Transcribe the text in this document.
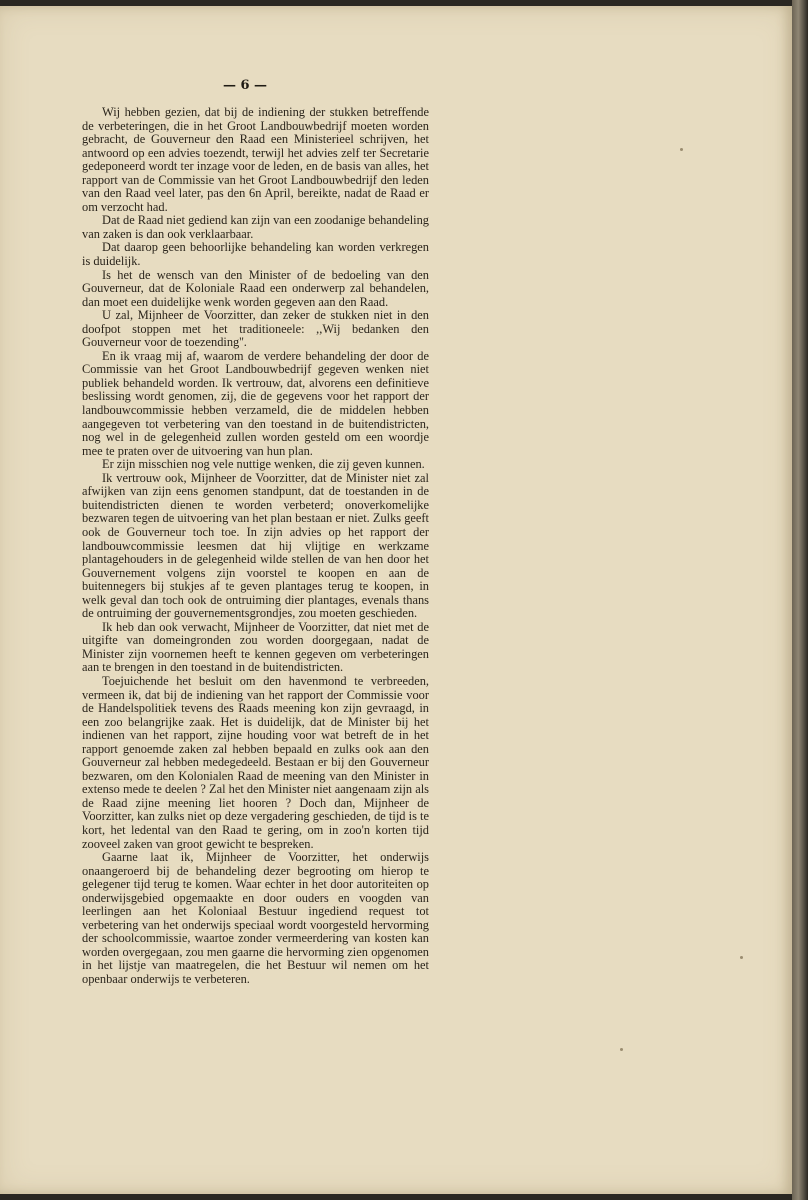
— 6 —

Wij hebben gezien, dat bij de indiening der stukken betreffende de verbeteringen, die in het Groot Landbouwbedrijf moeten worden gebracht, de Gouverneur den Raad een Ministerieel schrijven, het antwoord op een advies toezendt, terwijl het advies zelf ter Secretarie gedeponeerd wordt ter inzage voor de leden, en de basis van alles, het rapport van de Commissie van het Groot Landbouwbedrijf den leden van den Raad veel later, pas den 6n April, bereikte, nadat de Raad er om verzocht had.

Dat de Raad niet gediend kan zijn van een zoodanige behandeling van zaken is dan ook verklaarbaar.

Dat daarop geen behoorlijke behandeling kan worden verkregen is duidelijk.

Is het de wensch van den Minister of de bedoeling van den Gouverneur, dat de Koloniale Raad een onderwerp zal behandelen, dan moet een duidelijke wenk worden gegeven aan den Raad.

U zal, Mijnheer de Voorzitter, dan zeker de stukken niet in den doofpot stoppen met het traditioneele: ,,Wij bedanken den Gouverneur voor de toezending''.

En ik vraag mij af, waarom de verdere behandeling der door de Commissie van het Groot Landbouwbedrijf gegeven wenken niet publiek behandeld worden. Ik vertrouw, dat, alvorens een definitieve beslissing wordt genomen, zij, die de gegevens voor het rapport der landbouwcommissie hebben verzameld, die de middelen hebben aangegeven tot verbetering van den toestand in de buitendistricten, nog wel in de gelegenheid zullen worden gesteld om een woordje mee te praten over de uitvoering van hun plan.

Er zijn misschien nog vele nuttige wenken, die zij geven kunnen.

Ik vertrouw ook, Mijnheer de Voorzitter, dat de Minister niet zal afwijken van zijn eens genomen standpunt, dat de toestanden in de buitendistricten dienen te worden verbeterd; onoverkomelijke bezwaren tegen de uitvoering van het plan bestaan er niet. Zulks geeft ook de Gouverneur toch toe. In zijn advies op het rapport der landbouwcommissie leesmen dat hij vlijtige en werkzame plantagehouders in de gelegenheid wilde stellen de van hen door het Gouvernement volgens zijn voorstel te koopen en aan de buitennegers bij stukjes af te geven plantages terug te koopen, in welk geval dan toch ook de ontruiming dier plantages, evenals thans de ontruiming der gouvernementsgrondjes, zou moeten geschieden.

Ik heb dan ook verwacht, Mijnheer de Voorzitter, dat niet met de uitgifte van domeingronden zou worden doorgegaan, nadat de Minister zijn voornemen heeft te kennen gegeven om verbeteringen aan te brengen in den toestand in de buitendistricten.

Toejuichende het besluit om den havenmond te verbreeden, vermeen ik, dat bij de indiening van het rapport der Commissie voor de Handelspolitiek tevens des Raads meening kon zijn gevraagd, in een zoo belangrijke zaak. Het is duidelijk, dat de Minister bij het indienen van het rapport, zijne houding voor wat betreft de in het rapport genoemde zaken zal hebben bepaald en zulks ook aan den Gouverneur zal hebben medegedeeld. Bestaan er bij den Gouverneur bezwaren, om den Kolonialen Raad de meening van den Minister in extenso mede te deelen ? Zal het den Minister niet aangenaam zijn als de Raad zijne meening liet hooren ? Doch dan, Mijnheer de Voorzitter, kan zulks niet op deze vergadering geschieden, de tijd is te kort, het ledental van den Raad te gering, om in zoo'n korten tijd zooveel zaken van groot gewicht te bespreken.

Gaarne laat ik, Mijnheer de Voorzitter, het onderwijs onaangeroerd bij de behandeling dezer begrooting om hierop te gelegener tijd terug te komen. Waar echter in het door autoriteiten op onderwijsgebied opgemaakte en door ouders en voogden van leerlingen aan het Koloniaal Bestuur ingediend request tot verbetering van het onderwijs speciaal wordt voorgesteld hervorming der schoolcommissie, waartoe zonder vermeerdering van kosten kan worden overgegaan, zou men gaarne die hervorming zien opgenomen in het lijstje van maatregelen, die het Bestuur wil nemen om het openbaar onderwijs te verbeteren.
